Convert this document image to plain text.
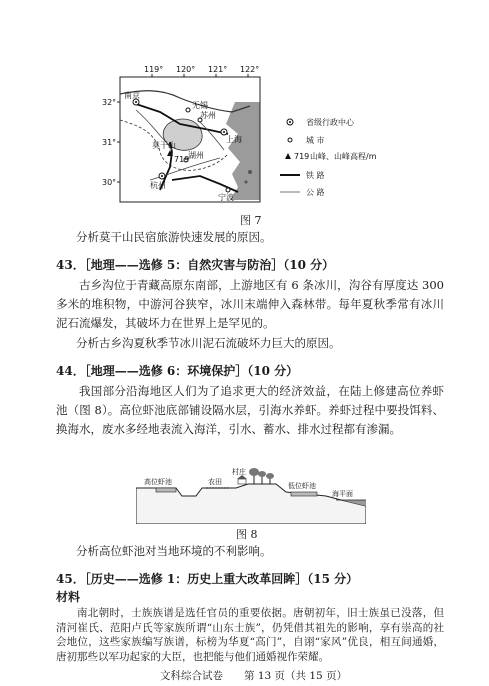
119° 120° 121° 122°
32°
31°
30°
南京
无锡
苏州
上海
湖州
杭州
宁波
莫干山
719
省级行政中心
城 市
719 山峰、山峰高程/m
铁 路
公 路
图 7
分析莫干山民宿旅游快速发展的原因。
43．［地理——选修 5：自然灾害与防治］（10 分）
古乡沟位于青藏高原东南部，上游地区有 6 条冰川，沟谷有厚度达 300 多米的堆积物，中游河谷狭窄，冰川末端伸入森林带。每年夏秋季常有冰川泥石流爆发，其破坏力在世界上是罕见的。
分析古乡沟夏秋季节冰川泥石流破坏力巨大的原因。
44．［地理——选修 6：环境保护］（10 分）
我国部分沿海地区人们为了追求更大的经济效益，在陆上修建高位养虾池（图 8）。高位虾池底部铺设隔水层，引海水养虾。养虾过程中要投饵料、换海水，废水多经地表流入海洋，引水、蓄水、排水过程都有渗漏。
高位虾池	农田
村庄
低位虾池
海平面
图 8
分析高位虾池对当地环境的不利影响。
45．［历史——选修 1：历史上重大改革回眸］（15 分）
材料
南北朝时，士族族谱是选任官员的重要依据。唐朝初年，旧士族虽已没落，但清河崔氏、范阳卢氏等家族所谓“山东士族”，仍凭借其祖先的影响，享有崇高的社会地位，这些家族编写族谱，标榜为华夏“高门”，自诩“家风”优良，相互间通婚，唐初那些以军功起家的大臣，也把能与他们通婚视作荣耀。
文科综合试卷　　第 13 页（共 15 页）
